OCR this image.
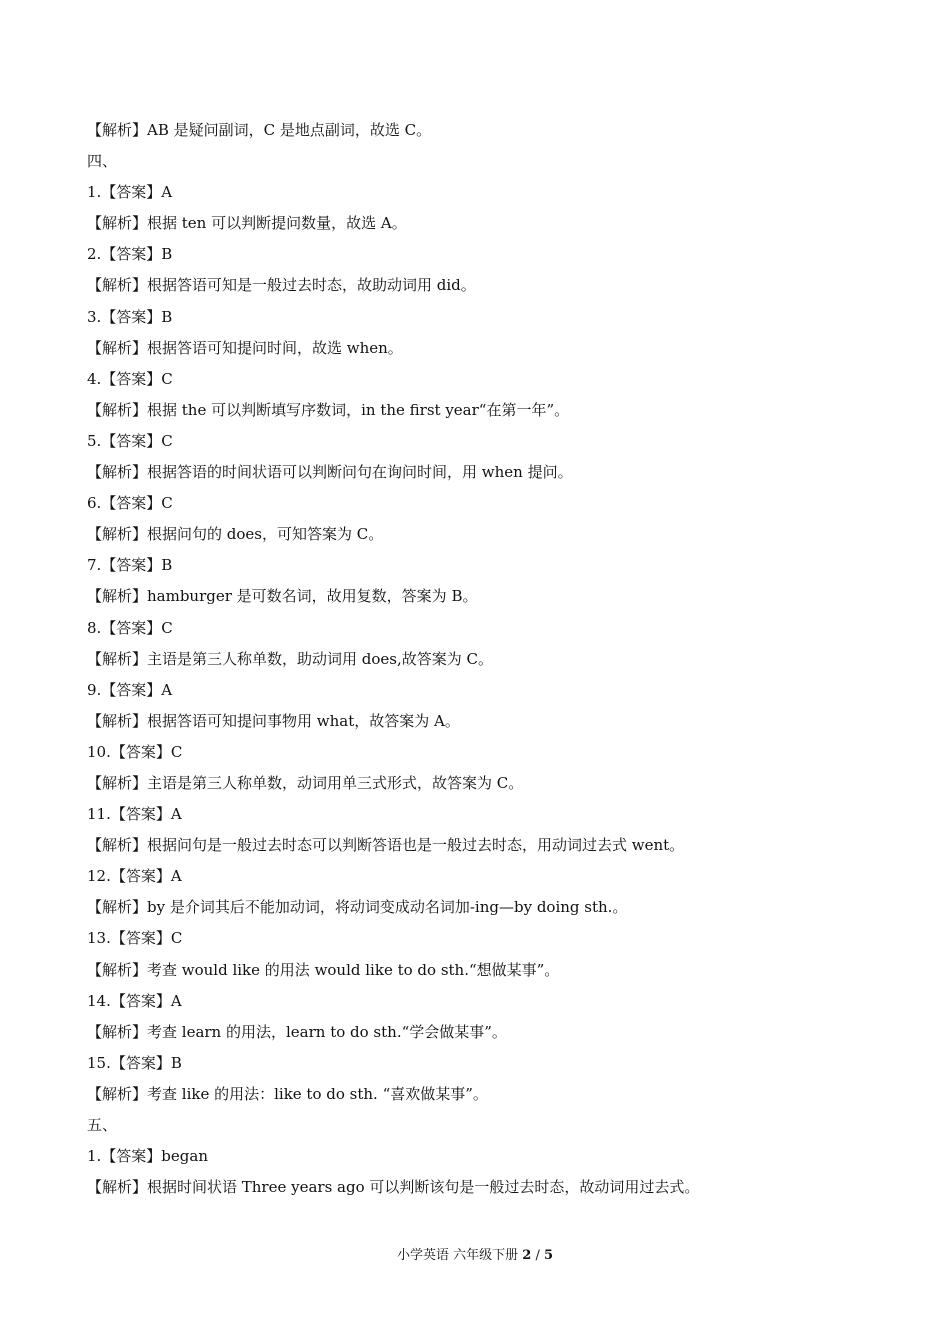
【解析】AB 是疑问副词，C 是地点副词，故选 C。
四、
1.【答案】A
【解析】根据 ten 可以判断提问数量，故选 A。
2.【答案】B
【解析】根据答语可知是一般过去时态，故助动词用 did。
3.【答案】B
【解析】根据答语可知提问时间，故选 when。
4.【答案】C
【解析】根据 the 可以判断填写序数词，in the first year“在第一年”。
5.【答案】C
【解析】根据答语的时间状语可以判断问句在询问时间，用 when 提问。
6.【答案】C
【解析】根据问句的 does，可知答案为 C。
7.【答案】B
【解析】hamburger 是可数名词，故用复数，答案为 B。
8.【答案】C
【解析】主语是第三人称单数，助动词用 does,故答案为 C。
9.【答案】A
【解析】根据答语可知提问事物用 what，故答案为 A。
10.【答案】C
【解析】主语是第三人称单数，动词用单三式形式，故答案为 C。
11.【答案】A
【解析】根据问句是一般过去时态可以判断答语也是一般过去时态，用动词过去式 went。
12.【答案】A
【解析】by 是介词其后不能加动词，将动词变成动名词加-ing—by doing sth.。
13.【答案】C
【解析】考查 would like 的用法 would like to do sth.“想做某事”。
14.【答案】A
【解析】考查 learn 的用法，learn to do sth.“学会做某事”。
15.【答案】B
【解析】考查 like 的用法：like to do sth. “喜欢做某事”。
五、
1.【答案】began
【解析】根据时间状语 Three years ago 可以判断该句是一般过去时态，故动词用过去式。
小学英语 六年级下册 2 / 5
